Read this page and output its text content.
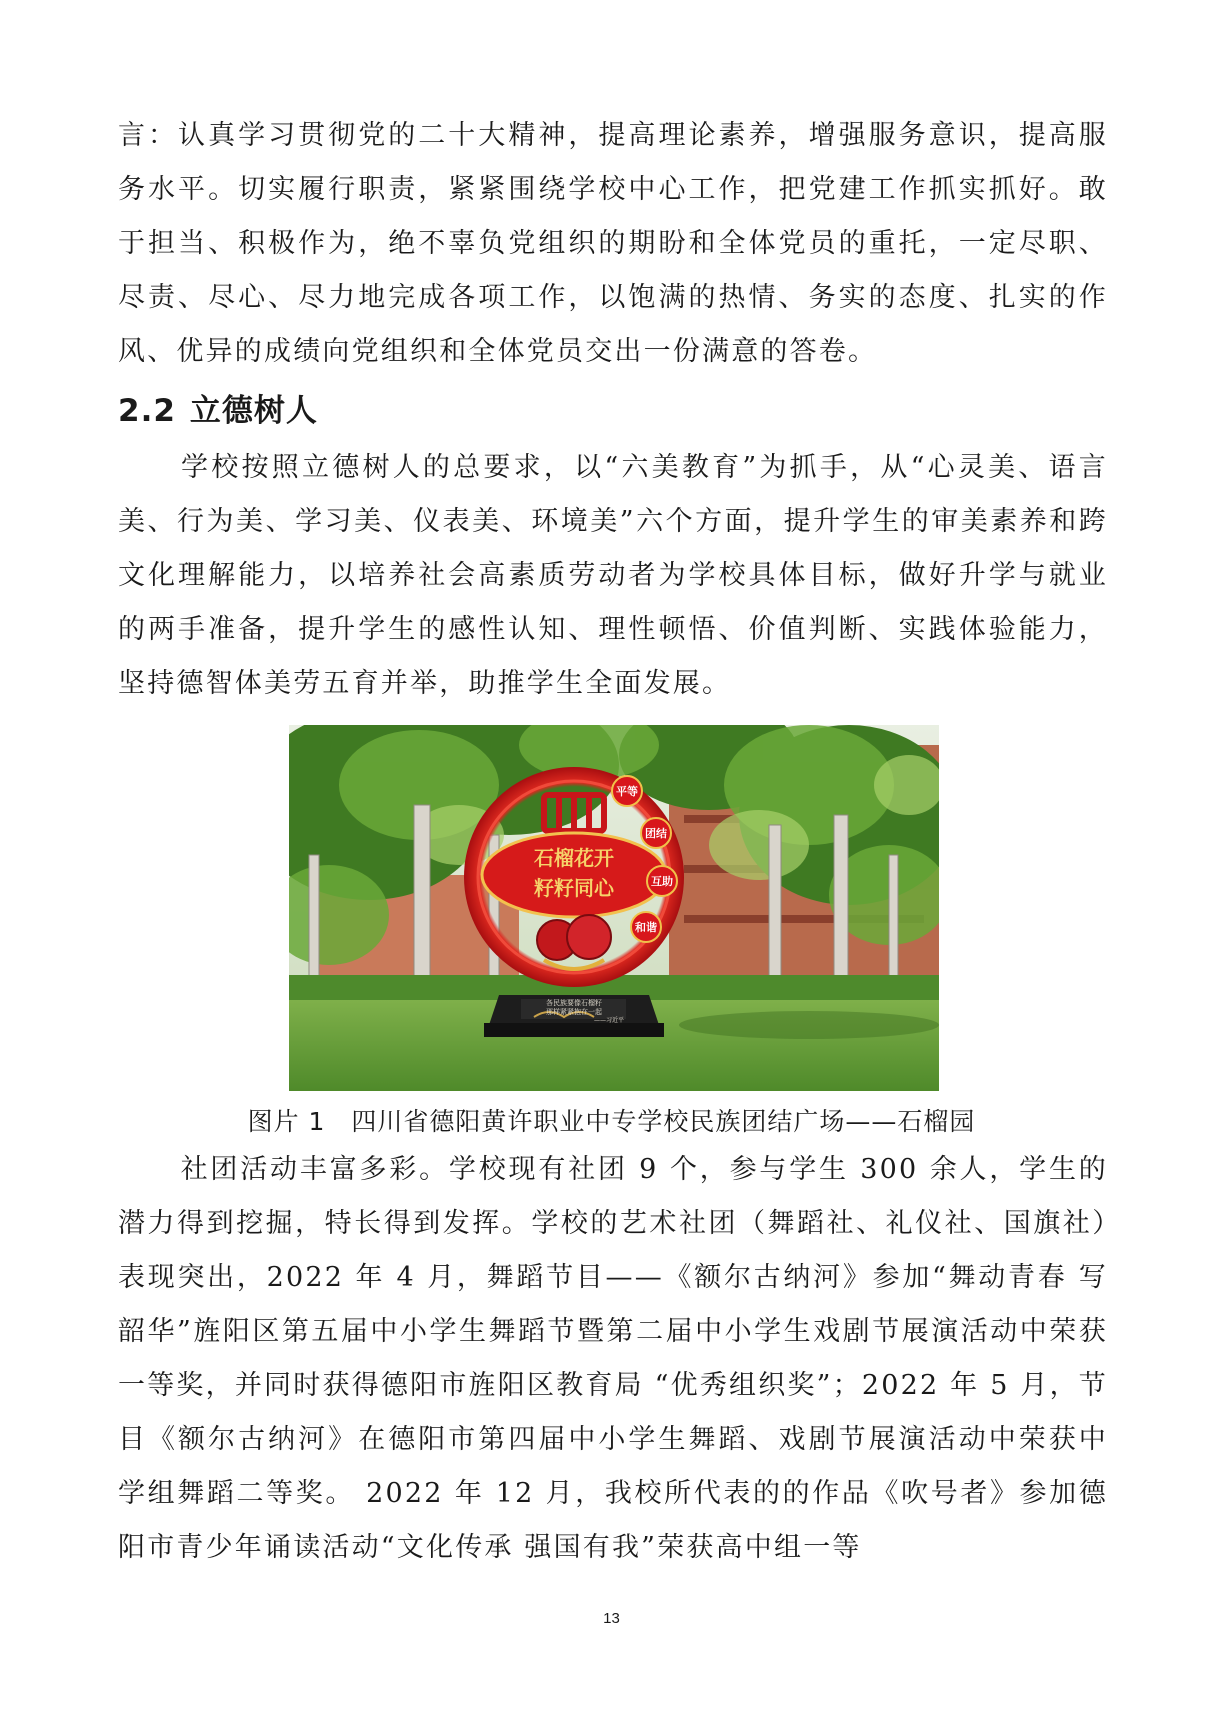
言：认真学习贯彻党的二十大精神，提高理论素养，增强服务意识，提高服务水平。切实履行职责，紧紧围绕学校中心工作，把党建工作抓实抓好。敢于担当、积极作为，绝不辜负党组织的期盼和全体党员的重托，一定尽职、尽责、尽心、尽力地完成各项工作，以饱满的热情、务实的态度、扎实的作风、优异的成绩向党组织和全体党员交出一份满意的答卷。

2.2 立德树人

学校按照立德树人的总要求，以“六美教育”为抓手，从“心灵美、语言美、行为美、学习美、仪表美、环境美”六个方面，提升学生的审美素养和跨文化理解能力，以培养社会高素质劳动者为学校具体目标，做好升学与就业的两手准备，提升学生的感性认知、理性顿悟、价值判断、实践体验能力，坚持德智体美劳五育并举，助推学生全面发展。

石榴花开
籽籽同心
平等
团结
互助
和谐
各民族要像石榴籽
那样紧紧抱在一起
——习近平
图片 1 四川省德阳黄许职业中专学校民族团结广场——石榴园

社团活动丰富多彩。学校现有社团 9 个，参与学生 300 余人，学生的潜力得到挖掘，特长得到发挥。学校的艺术社团（舞蹈社、礼仪社、国旗社）表现突出，2022 年 4 月，舞蹈节目——《额尔古纳河》参加“舞动青春 写韶华”旌阳区第五届中小学生舞蹈节暨第二届中小学生戏剧节展演活动中荣获一等奖，并同时获得德阳市旌阳区教育局 “优秀组织奖”；2022 年 5 月，节目《额尔古纳河》在德阳市第四届中小学生舞蹈、戏剧节展演活动中荣获中学组舞蹈二等奖。 2022 年 12 月，我校所代表的的作品《吹号者》参加德阳市青少年诵读活动“文化传承 强国有我”荣获高中组一等

13
